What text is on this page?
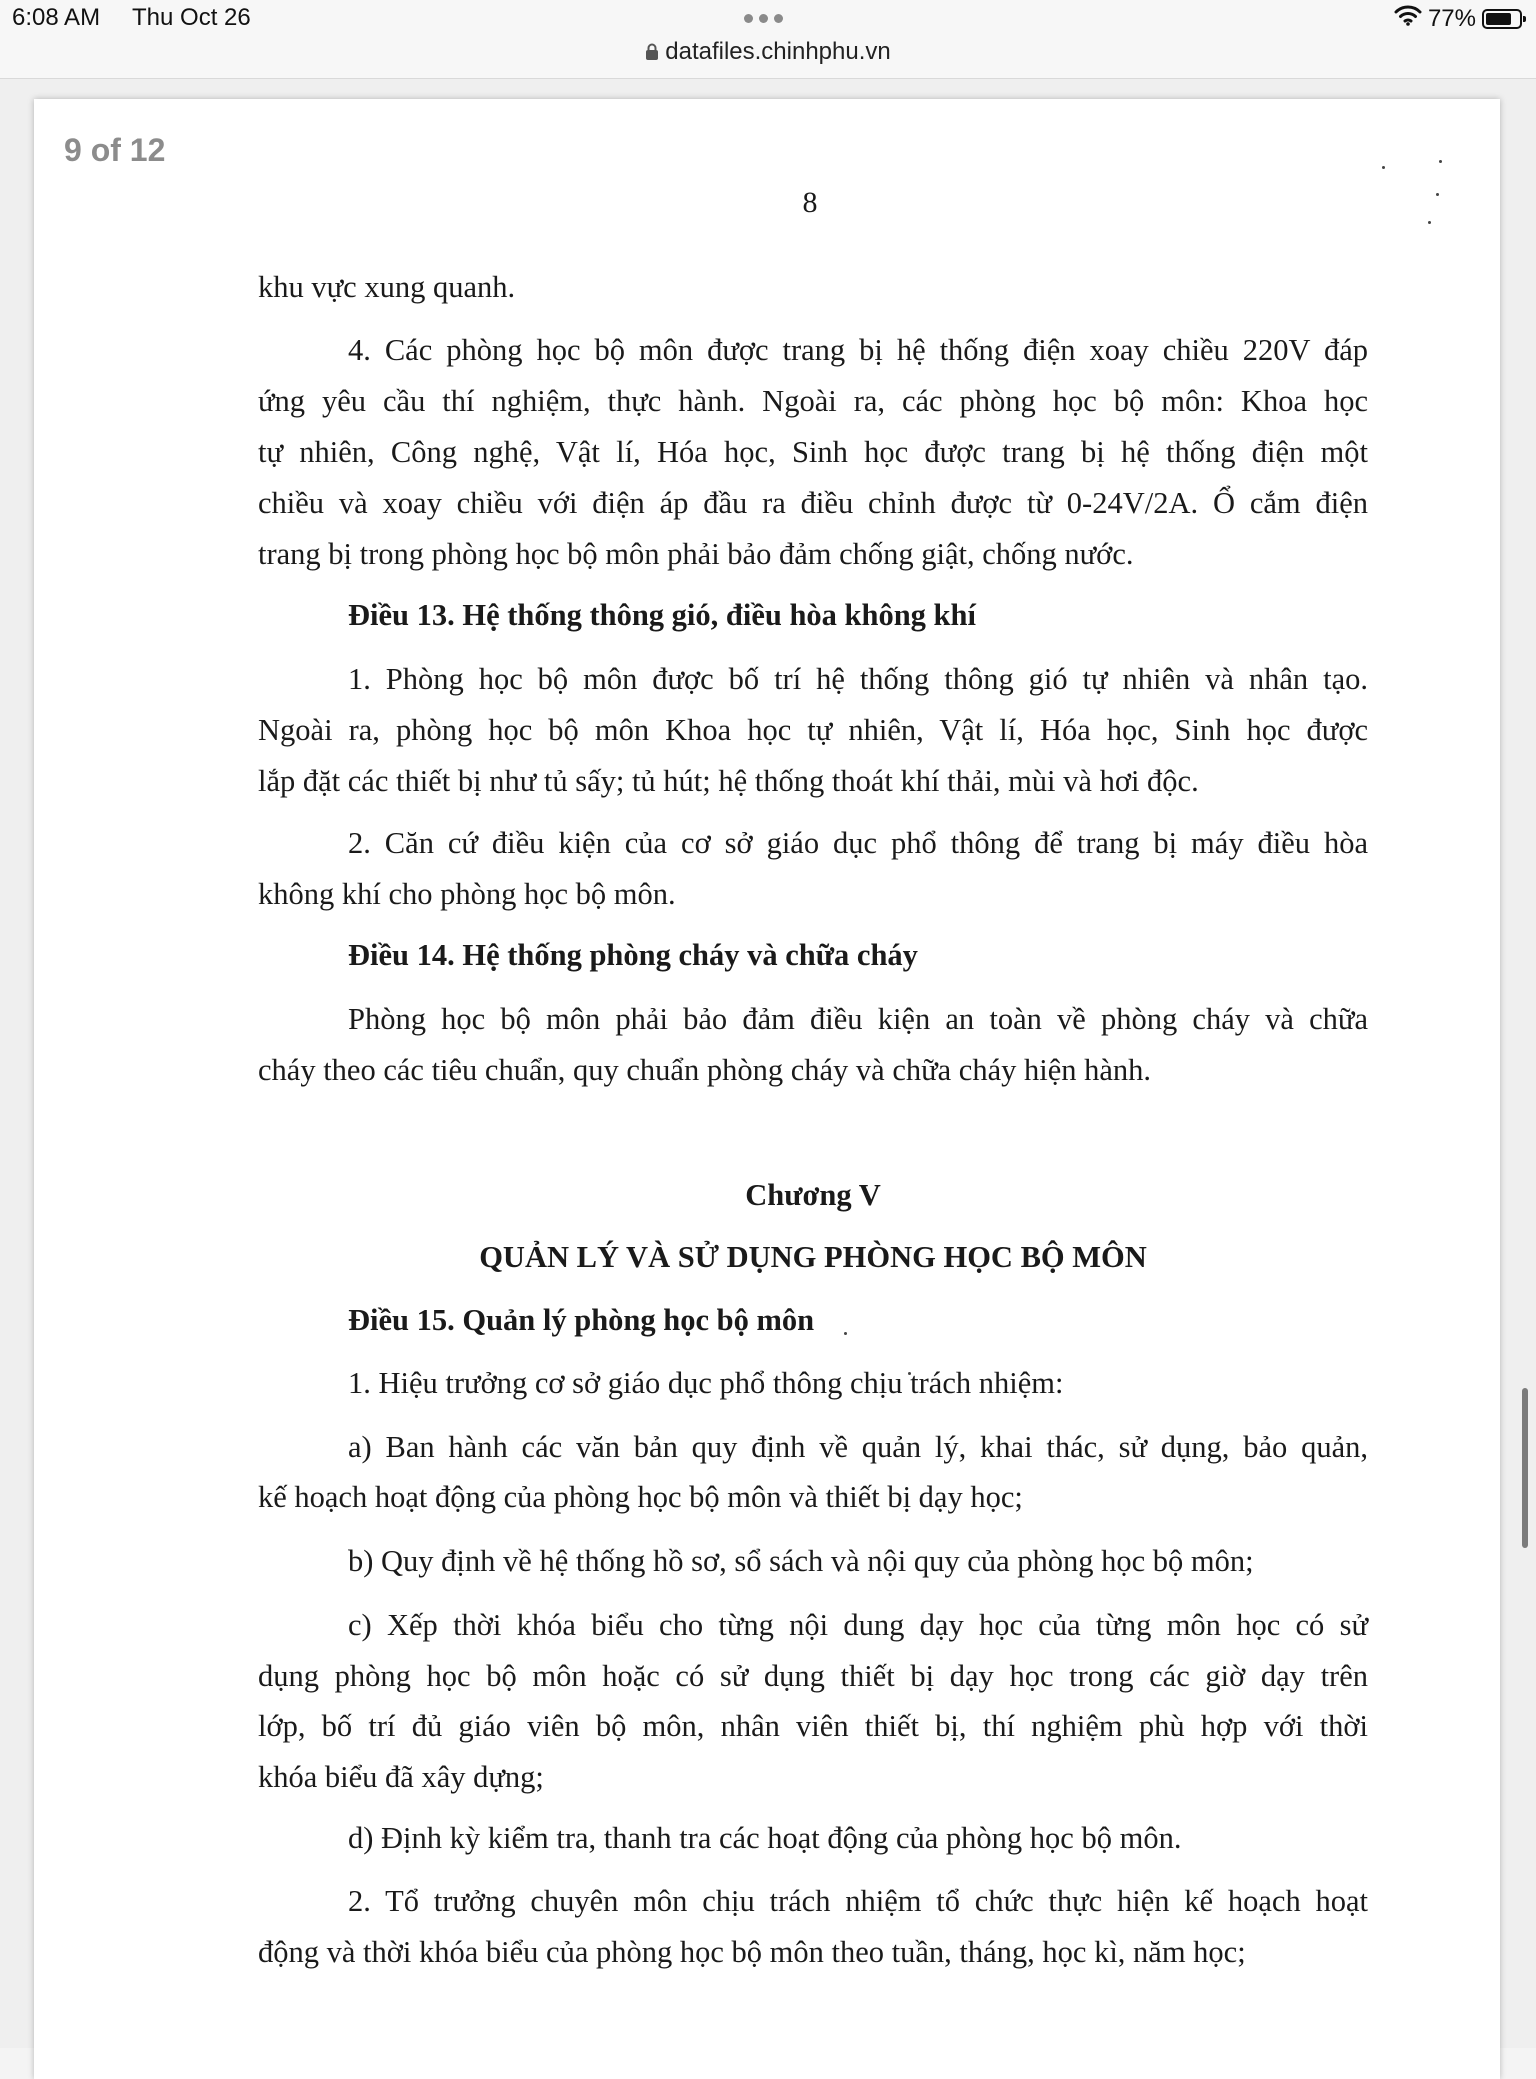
6:08 AM Thu Oct 26
datafiles.chinhphu.vn
77%
9 of 12
8
khu vực xung quanh.
4. Các phòng học bộ môn được trang bị hệ thống điện xoay chiều 220V đáp
ứng yêu cầu thí nghiệm, thực hành. Ngoài ra, các phòng học bộ môn: Khoa học
tự nhiên, Công nghệ, Vật lí, Hóa học, Sinh học được trang bị hệ thống điện một
chiều và xoay chiều với điện áp đầu ra điều chỉnh được từ 0-24V/2A. Ổ cắm điện
trang bị trong phòng học bộ môn phải bảo đảm chống giật, chống nước.
Điều 13. Hệ thống thông gió, điều hòa không khí
1. Phòng học bộ môn được bố trí hệ thống thông gió tự nhiên và nhân tạo.
Ngoài ra, phòng học bộ môn Khoa học tự nhiên, Vật lí, Hóa học, Sinh học được
lắp đặt các thiết bị như tủ sấy; tủ hút; hệ thống thoát khí thải, mùi và hơi độc.
2. Căn cứ điều kiện của cơ sở giáo dục phổ thông để trang bị máy điều hòa
không khí cho phòng học bộ môn.
Điều 14. Hệ thống phòng cháy và chữa cháy
Phòng học bộ môn phải bảo đảm điều kiện an toàn về phòng cháy và chữa
cháy theo các tiêu chuẩn, quy chuẩn phòng cháy và chữa cháy hiện hành.
Chương V
QUẢN LÝ VÀ SỬ DỤNG PHÒNG HỌC BỘ MÔN
Điều 15. Quản lý phòng học bộ môn
1. Hiệu trưởng cơ sở giáo dục phổ thông chịu trách nhiệm:
a) Ban hành các văn bản quy định về quản lý, khai thác, sử dụng, bảo quản,
kế hoạch hoạt động của phòng học bộ môn và thiết bị dạy học;
b) Quy định về hệ thống hồ sơ, sổ sách và nội quy của phòng học bộ môn;
c) Xếp thời khóa biểu cho từng nội dung dạy học của từng môn học có sử
dụng phòng học bộ môn hoặc có sử dụng thiết bị dạy học trong các giờ dạy trên
lớp, bố trí đủ giáo viên bộ môn, nhân viên thiết bị, thí nghiệm phù hợp với thời
khóa biểu đã xây dựng;
d) Định kỳ kiểm tra, thanh tra các hoạt động của phòng học bộ môn.
2. Tổ trưởng chuyên môn chịu trách nhiệm tổ chức thực hiện kế hoạch hoạt
động và thời khóa biểu của phòng học bộ môn theo tuần, tháng, học kì, năm học;
